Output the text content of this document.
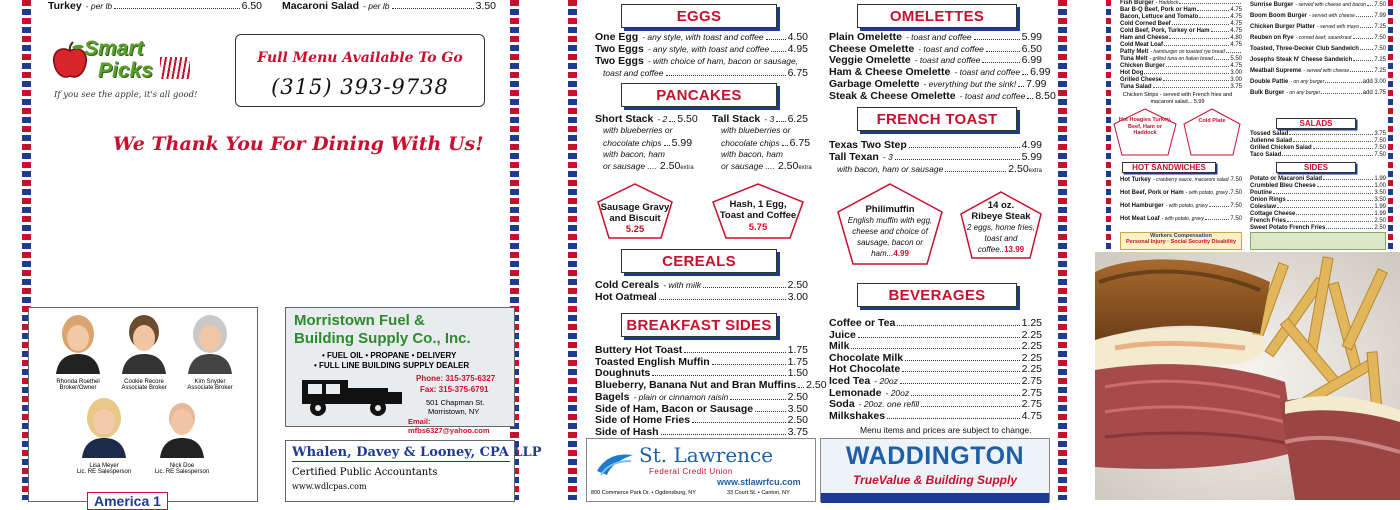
Turkey - per lb	6.50 Macaroni Salad - per lb	3.50
Smart
Picks
If you see the apple, it's all good!
Full Menu Available To Go
(315) 393-9738
We Thank You For Dining With Us!
Rhonda Roethel
Broker/Owner
Cookie Recore
Associate Broker
Kim Snyder
Associate Broker
Lisa Meyer
Lic. RE Salesperson
Nick Doe
Lic. RE Salesperson
America 1
Morristown Fuel &
Building Supply Co., Inc.
• FUEL OIL • PROPANE • DELIVERY
• FULL LINE BUILDING SUPPLY DEALER
Phone: 315-375-6327
Fax: 315-375-6791
501 Chapman St.
Morristown, NY
Email: mfbs6327@yahoo.com
Whalen, Davey & Looney, CPA LLP
Certified Public Accountants
www.wdlcpas.com
EGGS
One Egg - any style, with toast and coffee 4.50
Two Eggs - any style, with toast and coffee 4.95
Two Eggs - with choice of ham, bacon or sausage,
toast and coffee	6.75
PANCAKES
Short Stack - 2 5.50 Tall Stack - 3 6.25
with blueberries or	with blueberries or
chocolate chips 5.99	chocolate chips 6.75
with bacon, ham	with bacon, ham
or sausage .... 2.50 extra	or sausage .... 2.50 extra
Sausage Gravy
and Biscuit
5.25
Hash, 1 Egg,
Toast and Coffee
5.75
CEREALS
Cold Cereals - with milk	2.50
Hot Oatmeal	3.00
BREAKFAST SIDES
Buttery Hot Toast	1.75
Toasted English Muffin	1.75
Doughnuts	1.50
Blueberry, Banana Nut and Bran Muffins 2.50
Bagels - plain or cinnamon raisin	2.50
Side of Ham, Bacon or Sausage	3.50
Side of Home Fries	2.50
Side of Hash	3.75
OMELETTES
Plain Omelette - toast and coffee	5.99
Cheese Omelette - toast and coffee	6.50
Veggie Omelette - toast and coffee	6.99
Ham & Cheese Omelette - toast and coffee 6.99
Garbage Omelette - everything but the sink! 7.99
Steak & Cheese Omelette - toast and coffee 8.50
FRENCH TOAST
Texas Two Step	4.99
Tall Texan - 3	5.99
with bacon, ham or sausage	2.50 extra
Philimuffin
English muffin with egg,
cheese and choice of
sausage, bacon or
ham...4.99
14 oz.
Ribeye Steak
2 eggs, home fries,
toast and
coffee..13.99
BEVERAGES
Coffee or Tea	1.25
Juice	2.25
Milk	2.25
Chocolate Milk	2.25
Hot Chocolate	2.25
Iced Tea - 20oz	2.75
Lemonade - 20oz	2.75
Soda - 20oz. one refill	2.75
Milkshakes	4.75
Menu items and prices are subject to change.
St. Lawrence
Federal Credit Union
www.stlawrfcu.com
800 Commerce Park Dr. • Ogdensburg, NY	33 Court St. • Canton, NY
WADDINGTON
TrueValue & Building Supply
Fish Burger - Haddock
Bar B-Q Beef, Pork or Ham	4.75
Bacon, Lettuce and Tomato	4.75
Cold Corned Beef	4.75
Cold Beef, Pork, Turkey or Ham	4.75
Ham and Cheese	4.80
Cold Meat Loaf	4.75
Patty Melt - hamburger on toasted rye bread
Tuna Melt - grilled tuna on Italian bread	5.50
Chicken Burger	4.75
Hot Dog	3.00
Grilled Cheese	3.00
Tuna Salad	3.75
Sunrise Burger - served with cheese and bacon 7.50
Boom Boom Burger - served with cheese	7.99
Chicken Burger Platter - served with mayo	7.25
Reuben on Rye - corned beef, sauerkraut	7.50
Toasted, Three-Decker Club Sandwich	7.50
Josephs Steak N' Cheese Sandwich	7.25
Meatball Supreme - served with cheese	7.25
Double Pattie - on any burger	add 3.00
Bulk Burger - on any burger	add 1.75
Chicken Strips - served with French fries and macaroni salad... 5.99
Hot Hoagies Turkey, Beef, Ham or Haddock
Cold Plate
HOT SANDWICHES
Hot Turkey - cranberry sauce, macaroni salad 7.50
Hot Beef, Pork or Ham - with potato, gravy 7.50
Hot Hamburger - with potato, gravy	7.50
Hot Meat Loaf - with potato, gravy	7.50
Workers Compensation
Personal Injury · Social Security Disability
SALADS
Tossed Salad	3.75
Julienne Salad	7.50
Grilled Chicken Salad	7.50
Taco Salad	7.50
SIDES
Potato or Macaroni Salad	1.99
Crumbled Bleu Cheese	1.00
Poutine	3.50
Onion Rings	3.50
Coleslaw	1.99
Cottage Cheese	1.99
French Fries	2.50
Sweet Potato French Fries	2.50
